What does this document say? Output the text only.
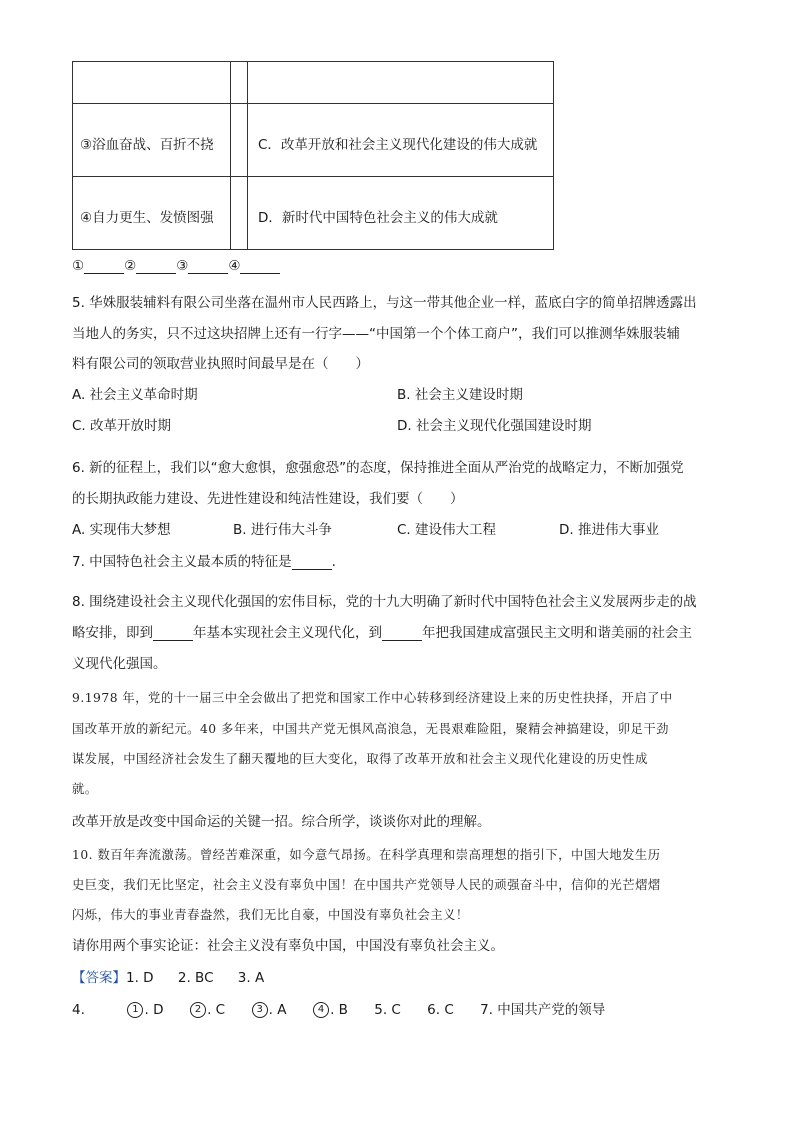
③浴血奋战、百折不挠	C．改革开放和社会主义现代化建设的伟大成就
④自力更生、发愤图强	D．新时代中国特色社会主义的伟大成就
①	②	③	④
5. 华姝服装辅料有限公司坐落在温州市人民西路上，与这一带其他企业一样，蓝底白字的简单招牌透露出
当地人的务实，只不过这块招牌上还有一行字——“中国第一个个体工商户”，我们可以推测华姝服装辅
料有限公司的领取营业执照时间最早是在（　　）
A. 社会主义革命时期	B. 社会主义建设时期
C. 改革开放时期	D. 社会主义现代化强国建设时期
6. 新的征程上，我们以“愈大愈惧，愈强愈恐”的态度，保持推进全面从严治党的战略定力，不断加强党
的长期执政能力建设、先进性建设和纯洁性建设，我们要（　　）
A. 实现伟大梦想	B. 进行伟大斗争	C. 建设伟大工程	D. 推进伟大事业
7. 中国特色社会主义最本质的特征是	.
8. 围绕建设社会主义现代化强国的宏伟目标，党的十九大明确了新时代中国特色社会主义发展两步走的战
略安排，即到	年基本实现社会主义现代化，到	年把我国建成富强民主文明和谐美丽的社会主
义现代化强国。
9.1978 年，党的十一届三中全会做出了把党和国家工作中心转移到经济建设上来的历史性抉择，开启了中
国改革开放的新纪元。40 多年来，中国共产党无惧风高浪急，无畏艰难险阻，聚精会神搞建设，卯足干劲
谋发展，中国经济社会发生了翻天覆地的巨大变化，取得了改革开放和社会主义现代化建设的历史性成
就。
改革开放是改变中国命运的关键一招。综合所学，谈谈你对此的理解。
10. 数百年奔流激荡。曾经苦难深重，如今意气昂扬。在科学真理和崇高理想的指引下，中国大地发生历
史巨变，我们无比坚定，社会主义没有辜负中国！在中国共产党领导人民的顽强奋斗中，信仰的光芒熠熠
闪烁，伟大的事业青春盎然，我们无比自豪，中国没有辜负社会主义！
请你用两个事实论证：社会主义没有辜负中国，中国没有辜负社会主义。
【答案】1. D 2. BC 3. A
4.	1 . D	2 . C	3 . A	4 . B 5. C 6. C 7. 中国共产党的领导
